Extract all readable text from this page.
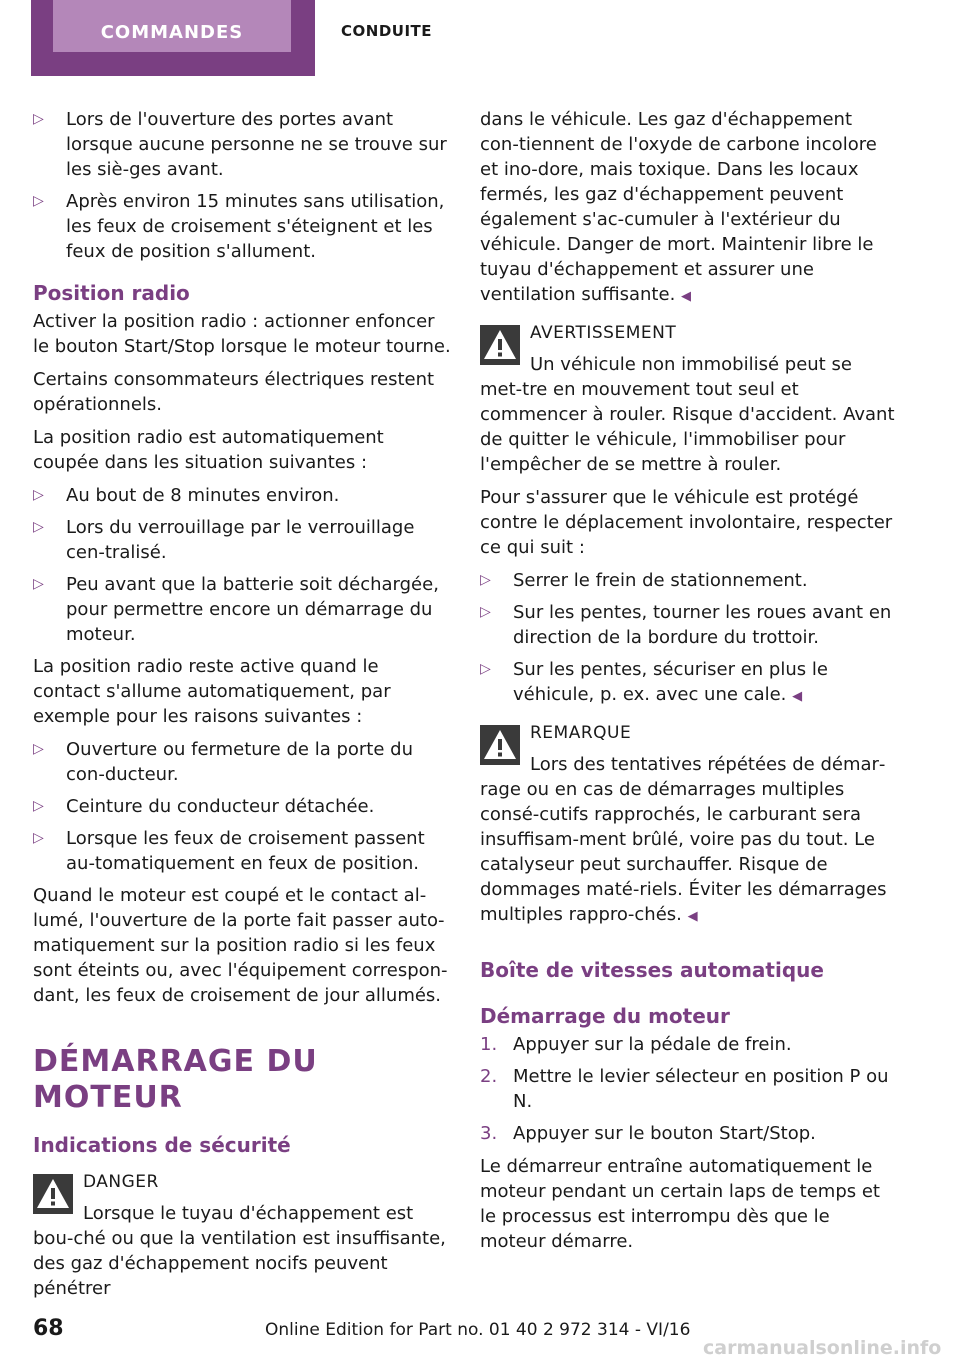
COMMANDES	CONDUITE
▷ Lors de l'ouverture des portes avant lorsque aucune personne ne se trouve sur les siè‐ges avant.
▷ Après environ 15 minutes sans utilisation, les feux de croisement s'éteignent et les feux de position s'allument.
Position radio

Activer la position radio : actionner enfoncer le bouton Start/Stop lorsque le moteur tourne.

Certains consommateurs électriques restent opérationnels.

La position radio est automatiquement coupée dans les situation suivantes :

▷ Au bout de 8 minutes environ.
▷ Lors du verrouillage par le verrouillage cen‐tralisé.
▷ Peu avant que la batterie soit déchargée, pour permettre encore un démarrage du moteur.

La position radio reste active quand le contact s'allume automatiquement, par exemple pour les raisons suivantes :

▷ Ouverture ou fermeture de la porte du con‐ducteur.
▷ Ceinture du conducteur détachée.
▷ Lorsque les feux de croisement passent au‐tomatiquement en feux de position.

Quand le moteur est coupé et le contact al‐lumé, l'ouverture de la porte fait passer auto‐matiquement sur la position radio si les feux sont éteints ou, avec l'équipement correspon‐dant, les feux de croisement de jour allumés.

DÉMARRAGE DU MOTEUR
Indications de sécurité
DANGER

Lorsque le tuyau d'échappement est bou‐ché ou que la ventilation est insuffisante, des gaz d'échappement nocifs peuvent pénétrer

dans le véhicule. Les gaz d'échappement con‐tiennent de l'oxyde de carbone incolore et ino‐dore, mais toxique. Dans les locaux fermés, les gaz d'échappement peuvent également s'ac‐cumuler à l'extérieur du véhicule. Danger de mort. Maintenir libre le tuyau d'échappement et assurer une ventilation suffisante. ◀

AVERTISSEMENT
Un véhicule non immobilisé peut se met‐tre en mouvement tout seul et commencer à rouler. Risque d'accident. Avant de quitter le véhicule, l'immobiliser pour l'empêcher de se mettre à rouler.

Pour s'assurer que le véhicule est protégé contre le déplacement involontaire, respecter ce qui suit :

▷ Serrer le frein de stationnement.
▷ Sur les pentes, tourner les roues avant en direction de la bordure du trottoir.
▷ Sur les pentes, sécuriser en plus le véhicule, p. ex. avec une cale. ◀
REMARQUE
Lors des tentatives répétées de démar‐rage ou en cas de démarrages multiples consé‐cutifs rapprochés, le carburant sera insuffisam‐ment brûlé, voire pas du tout. Le catalyseur peut surchauffer. Risque de dommages maté‐riels. Éviter les démarrages multiples rappro‐chés. ◀
Boîte de vitesses automatique
Démarrage du moteur
1. Appuyer sur la pédale de frein.
2. Mettre le levier sélecteur en position P ou N.
3. Appuyer sur le bouton Start/Stop.

Le démarreur entraîne automatiquement le moteur pendant un certain laps de temps et le processus est interrompu dès que le moteur démarre.

68	Online Edition for Part no. 01 40 2 972 314 - VI/16
carmanualsonline.info
